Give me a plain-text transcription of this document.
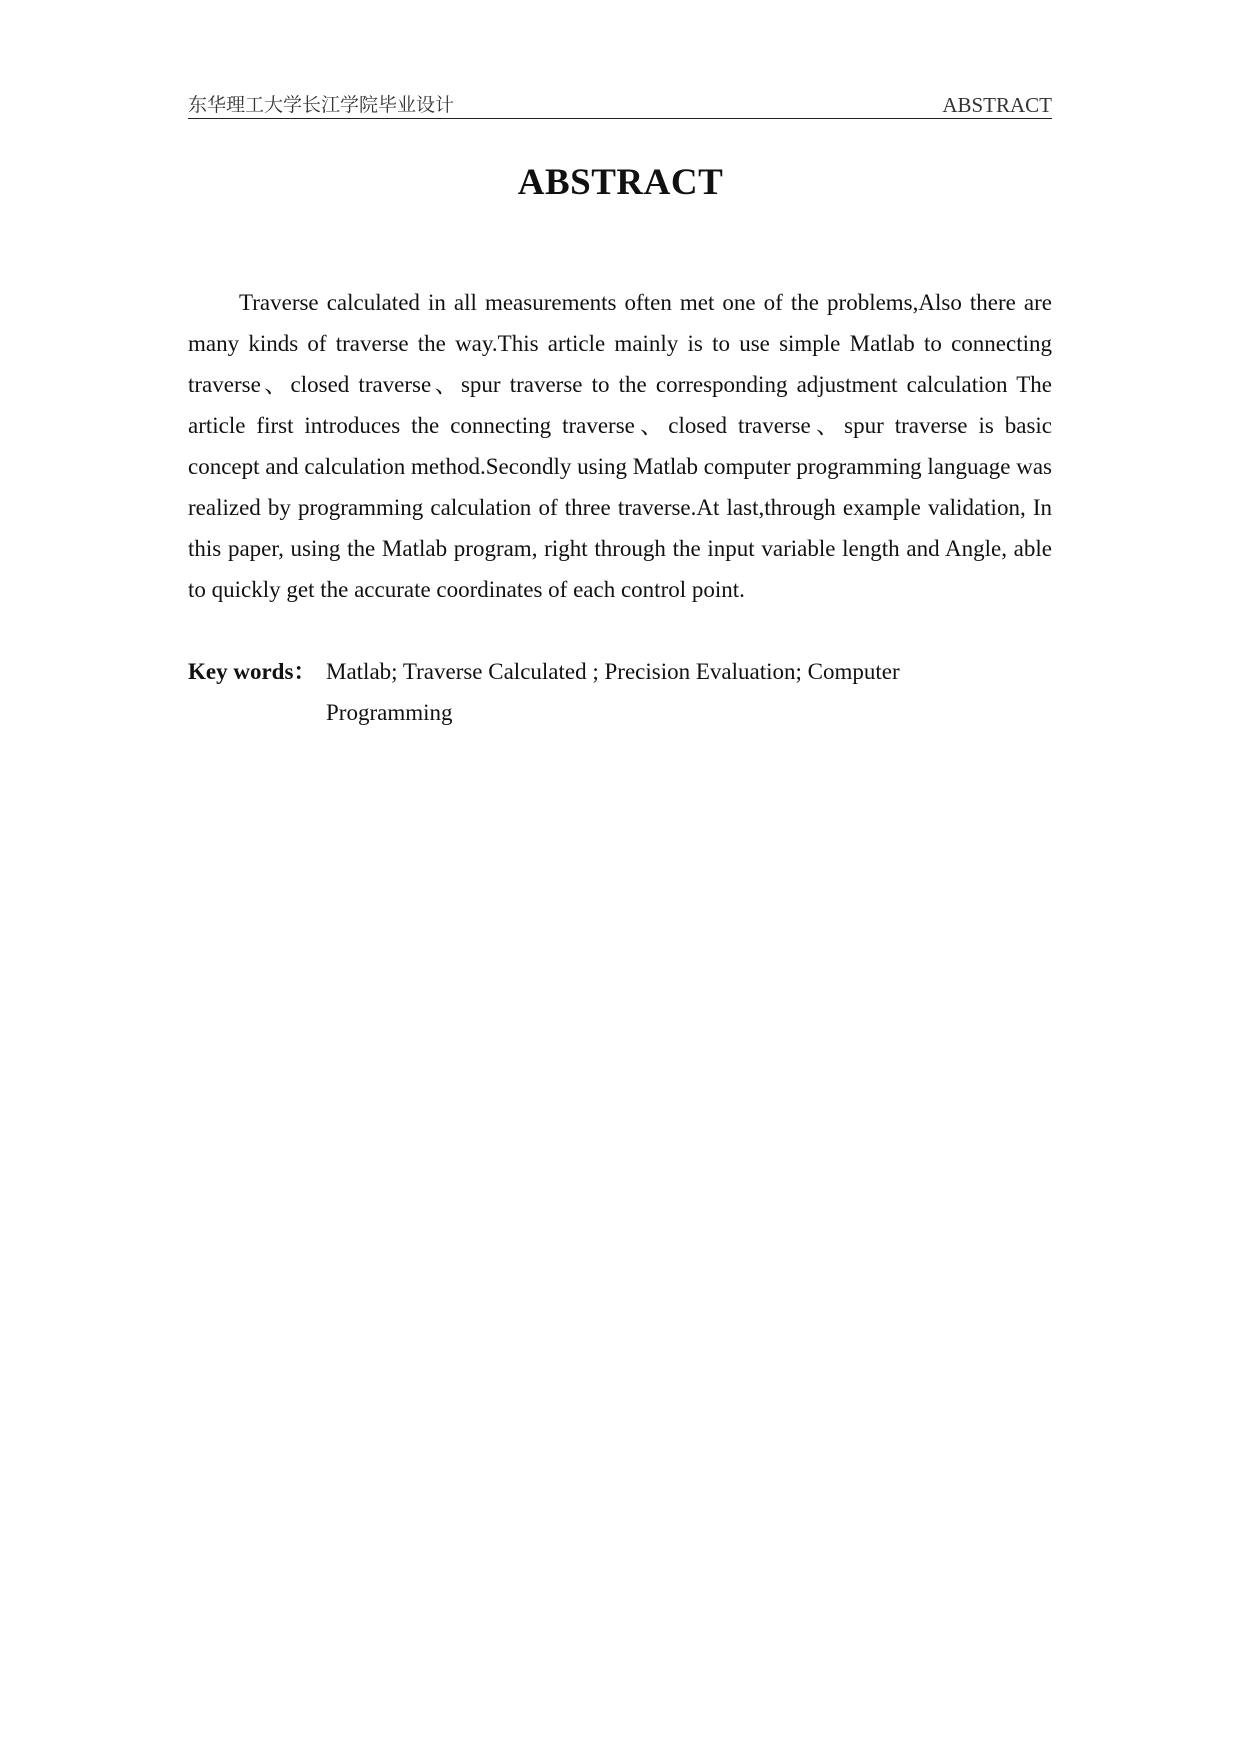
东华理工大学长江学院毕业设计	ABSTRACT
ABSTRACT

Traverse calculated in all measurements often met one of the problems,Also there are many kinds of traverse the way.This article mainly is to use simple Matlab to connecting traverse、closed traverse、spur traverse to the corresponding adjustment calculation The article first introduces the connecting traverse、closed traverse、spur traverse is basic concept and calculation method.Secondly using Matlab computer programming language was realized by programming calculation of three traverse.At last,through example validation, In this paper, using the Matlab program, right through the input variable length and Angle, able to quickly get the accurate coordinates of each control point.

Key words： Matlab; Traverse Calculated ; Precision Evaluation; Computer Programming
